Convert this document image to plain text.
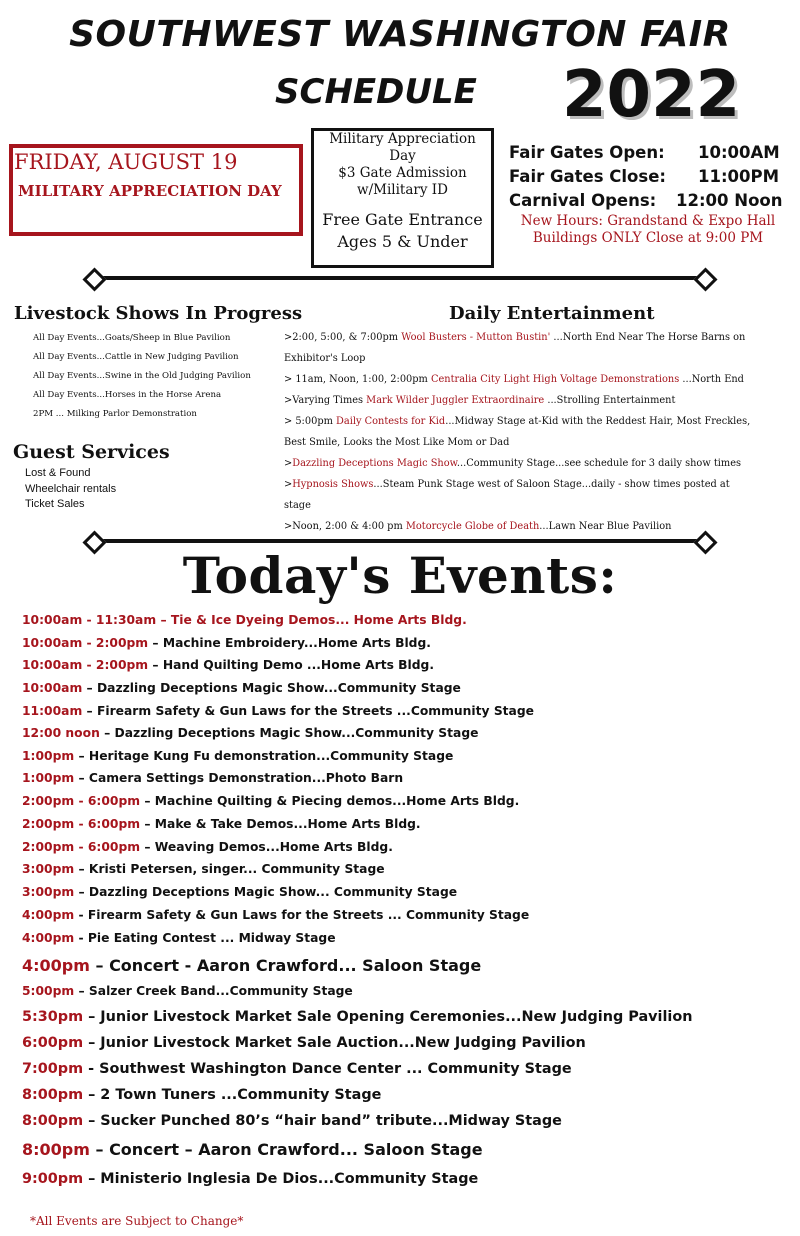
SOUTHWEST WASHINGTON FAIR
SCHEDULE 2022
FRIDAY, AUGUST 19
MILITARY APPRECIATION DAY
Military Appreciation Day
$3 Gate Admission
w/Military ID
Free Gate Entrance
Ages 5 & Under
Fair Gates Open: 10:00AM
Fair Gates Close: 11:00PM
Carnival Opens: 12:00 Noon
New Hours: Grandstand & Expo Hall
Buildings ONLY Close at 9:00 PM
Livestock Shows In Progress
All Day Events...Goats/Sheep in Blue Pavilion
All Day Events...Cattle in New Judging Pavilion
All Day Events...Swine in the Old Judging Pavilion
All Day Events...Horses in the Horse Arena
2PM ... Milking Parlor Demonstration
Guest Services
Lost & Found
Wheelchair rentals
Ticket Sales
Daily Entertainment
>2:00, 5:00, & 7:00pm Wool Busters - Mutton Bustin' ...North End Near The Horse Barns on
Exhibitor's Loop
> 11am, Noon, 1:00, 2:00pm Centralia City Light High Voltage Demonstrations ...North End
>Varying Times Mark Wilder Juggler Extraordinaire ...Strolling Entertainment
> 5:00pm Daily Contests for Kid...Midway Stage at-Kid with the Reddest Hair, Most Freckles,
Best Smile, Looks the Most Like Mom or Dad
>Dazzling Deceptions Magic Show...Community Stage...see schedule for 3 daily show times
>Hypnosis Shows...Steam Punk Stage west of Saloon Stage...daily - show times posted at
stage
>Noon, 2:00 & 4:00 pm Motorcycle Globe of Death...Lawn Near Blue Pavilion
Today's Events:
10:00am - 11:30am – Tie & Ice Dyeing Demos... Home Arts Bldg.
10:00am - 2:00pm – Machine Embroidery...Home Arts Bldg.
10:00am - 2:00pm – Hand Quilting Demo ...Home Arts Bldg.
10:00am – Dazzling Deceptions Magic Show...Community Stage
11:00am – Firearm Safety & Gun Laws for the Streets ...Community Stage
12:00 noon – Dazzling Deceptions Magic Show...Community Stage
1:00pm – Heritage Kung Fu demonstration...Community Stage
1:00pm – Camera Settings Demonstration...Photo Barn
2:00pm - 6:00pm – Machine Quilting & Piecing demos...Home Arts Bldg.
2:00pm - 6:00pm – Make & Take Demos...Home Arts Bldg.
2:00pm - 6:00pm – Weaving Demos...Home Arts Bldg.
3:00pm – Kristi Petersen, singer... Community Stage
3:00pm – Dazzling Deceptions Magic Show... Community Stage
4:00pm - Firearm Safety & Gun Laws for the Streets ... Community Stage
4:00pm - Pie Eating Contest ... Midway Stage
4:00pm – Concert - Aaron Crawford... Saloon Stage
5:00pm – Salzer Creek Band...Community Stage
5:30pm – Junior Livestock Market Sale Opening Ceremonies...New Judging Pavilion
6:00pm – Junior Livestock Market Sale Auction...New Judging Pavilion
7:00pm - Southwest Washington Dance Center ... Community Stage
8:00pm – 2 Town Tuners ...Community Stage
8:00pm – Sucker Punched 80’s “hair band” tribute...Midway Stage
8:00pm – Concert – Aaron Crawford... Saloon Stage
9:00pm – Ministerio Inglesia De Dios...Community Stage
*All Events are Subject to Change*
